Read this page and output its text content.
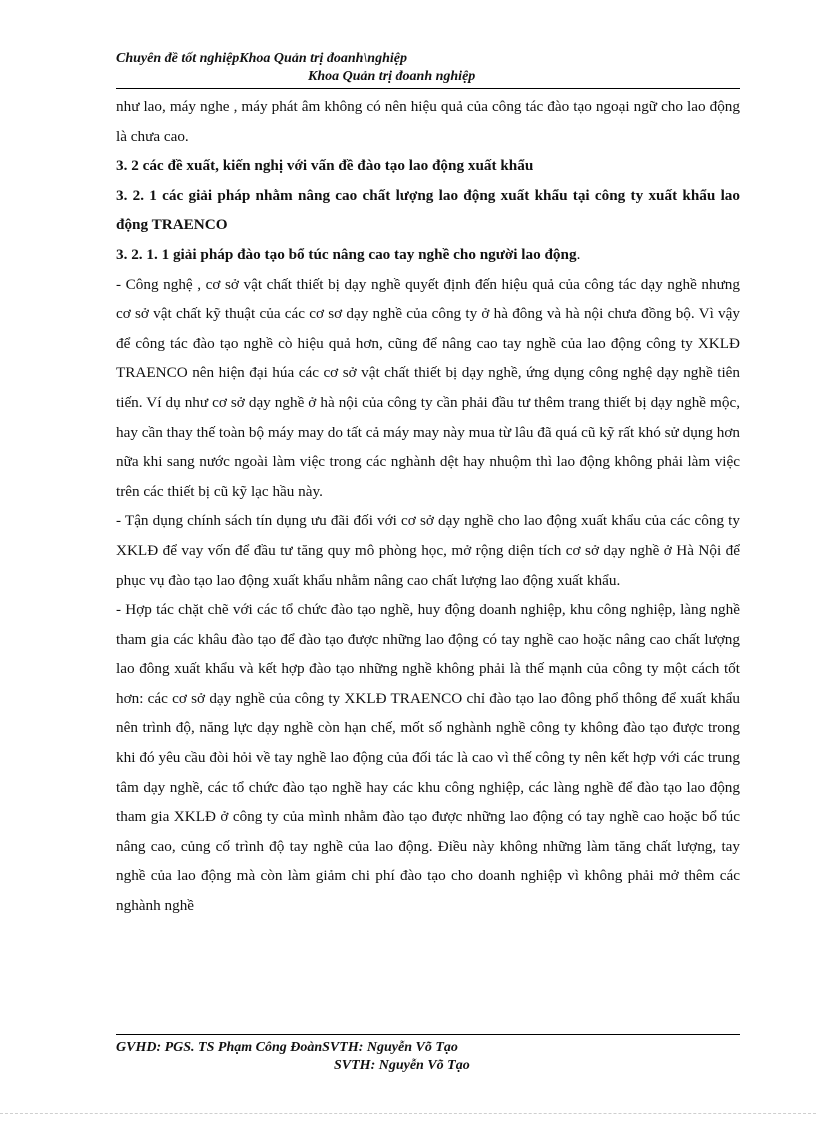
Chuyên đề tốt nghiệpKhoa Quản trị đoanh\nghiệp
Khoa Quản trị đoanh nghiệp

như lao, máy nghe , máy phát âm không có nên hiệu quả của công tác đào tạo ngoại ngữ cho lao động là chưa cao.

3. 2 các đề xuất, kiến nghị với vấn đề đào tạo lao động xuất khẩu

3. 2. 1 các giải pháp nhằm nâng cao chất lượng lao động xuất khẩu tại công ty xuất khẩu lao động TRAENCO

3. 2. 1. 1 giải pháp đào tạo bổ túc nâng cao tay nghề cho người lao động.

- Công nghệ , cơ sở vật chất thiết bị dạy nghề quyết định đến hiệu quả của công tác dạy nghề nhưng cơ sở vật chất kỹ thuật của các cơ sơ dạy nghề của công ty ở hà đông và hà nội chưa đồng bộ. Vì vậy để công tác đào tạo nghề cò hiệu quả hơn, cũng để nâng cao tay nghề của lao động công ty XKLĐ TRAENCO nên hiện đại húa các cơ sở vật chất thiết bị dạy nghề, ứng dụng công nghệ dạy nghề tiên tiến. Ví dụ như cơ sở dạy nghề ở hà nội của công ty cần phải đầu tư thêm trang thiết bị dạy nghề mộc, hay cần thay thế toàn bộ máy may do tất cả máy may này mua từ lâu đã quá cũ kỹ rất khó sử dụng hơn nữa khi sang nước ngoài làm việc trong các nghành dệt hay nhuộm thì lao động không phải làm việc trên các thiết bị cũ kỹ lạc hầu này.

- Tận dụng chính sách tín dụng ưu đãi đối với cơ sở dạy nghề cho lao động xuất khẩu của các công ty XKLĐ để vay vốn để đầu tư tăng quy mô phòng học, mở rộng diện tích cơ sở dạy nghề ở Hà Nội để phục vụ đào tạo lao động xuất khẩu nhằm nâng cao chất lượng lao động xuất khẩu.

- Hợp tác chặt chẽ với các tổ chức đào tạo nghề, huy động doanh nghiệp, khu công nghiệp, làng nghề tham gia các khâu đào tạo để đào tạo được những lao động có tay nghề cao hoặc nâng cao chất lượng lao đông xuất khẩu và kết hợp đào tạo những nghề không phải là thế mạnh của công ty một cách tốt hơn: các cơ sở dạy nghề của công ty XKLĐ TRAENCO chỉ đào tạo lao đông phổ thông để xuất khẩu nên trình độ, năng lực dạy nghề còn hạn chế, mốt số nghành nghề công ty không đào tạo được trong khi đó yêu cầu đòi hỏi về tay nghề lao động của đối tác là cao vì thế công ty nên kết hợp với các trung tâm dạy nghề, các tổ chức đào tạo nghề hay các khu công nghiệp, các làng nghề để đào tạo lao động tham gia XKLĐ ở công ty của mình nhằm đào tạo được những lao động có tay nghề cao hoặc bổ túc nâng cao, củng cố trình độ tay nghề của lao động. Điều này không những làm tăng chất lượng, tay nghề của lao động mà còn làm giảm chi phí đào tạo cho doanh nghiệp vì không phải mở thêm các nghành nghề

GVHD: PGS. TS Phạm Công ĐoànSVTH: Nguyễn Võ Tạo
SVTH: Nguyễn Võ Tạo
